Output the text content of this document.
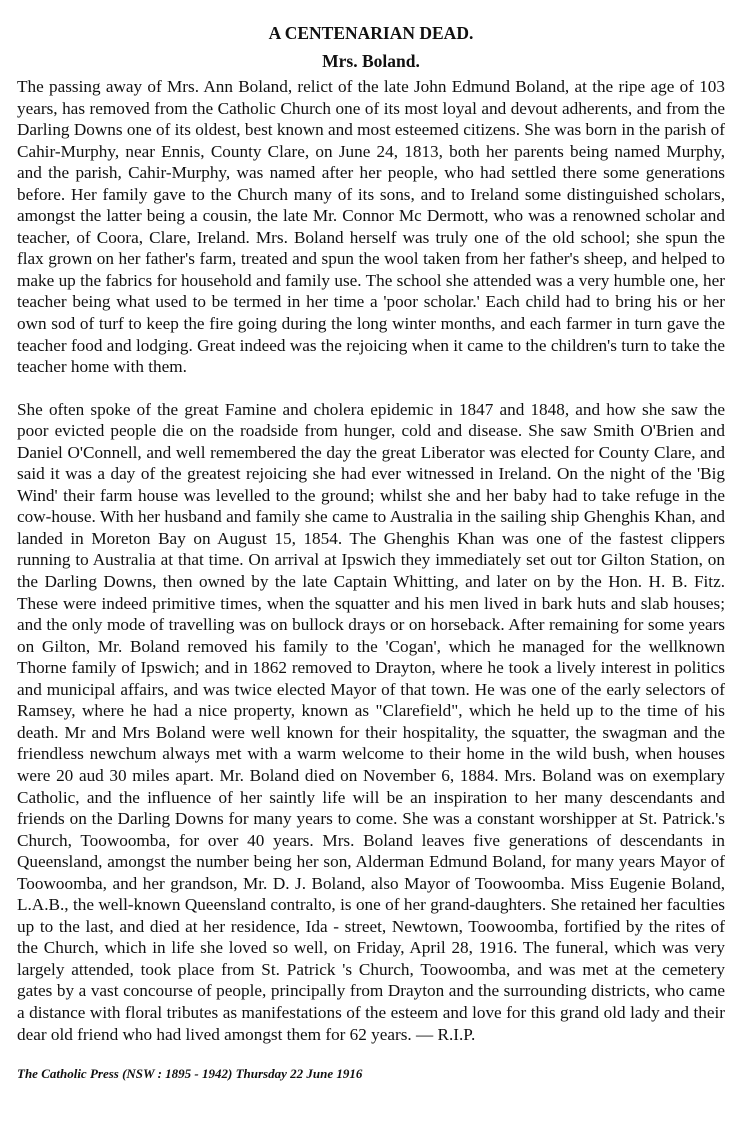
A CENTENARIAN DEAD.
Mrs. Boland.

The passing away of Mrs. Ann Boland, relict of the late John Edmund Boland, at the ripe age of 103 years, has removed from the Catholic Church one of its most loyal and devout adherents, and from the Darling Downs one of its oldest, best known and most esteemed citizens. She was born in the parish of Cahir-Murphy, near Ennis, County Clare, on June 24, 1813, both her parents being named Murphy, and the parish, Cahir-Murphy, was named after her people, who had settled there some generations before. Her family gave to the Church many of its sons, and to Ireland some distinguished scholars, amongst the latter being a cousin, the late Mr. Connor Mc Dermott, who was a renowned scholar and teacher, of Coora, Clare, Ireland. Mrs. Boland herself was truly one of the old school; she spun the flax grown on her father's farm, treated and spun the wool taken from her father's sheep, and helped to make up the fabrics for household and family use. The school she attended was a very humble one, her teacher being what used to be termed in her time a 'poor scholar.' Each child had to bring his or her own sod of turf to keep the fire going during the long winter months, and each farmer in turn gave the teacher food and lodging. Great indeed was the rejoicing when it came to the children's turn to take the teacher home with them.

She often spoke of the great Famine and cholera epidemic in 1847 and 1848, and how she saw the poor evicted people die on the roadside from hunger, cold and disease. She saw Smith O'Brien and Daniel O'Connell, and well remembered the day the great Liberator was elected for County Clare, and said it was a day of the greatest rejoicing she had ever witnessed in Ireland. On the night of the 'Big Wind' their farm house was levelled to the ground; whilst she and her baby had to take refuge in the cow-house. With her husband and family she came to Australia in the sailing ship Ghenghis Khan, and landed in Moreton Bay on August 15, 1854. The Ghenghis Khan was one of the fastest clippers running to Australia at that time. On arrival at Ipswich they immediately set out tor Gilton Station, on the Darling Downs, then owned by the late Captain Whitting, and later on by the Hon. H. B. Fitz. These were indeed primitive times, when the squatter and his men lived in bark huts and slab houses; and the only mode of travelling was on bullock drays or on horseback. After remaining for some years on Gilton, Mr. Boland removed his family to the 'Cogan', which he managed for the wellknown Thorne family of Ipswich; and in 1862 removed to Drayton, where he took a lively interest in politics and municipal affairs, and was twice elected Mayor of that town. He was one of the early selectors of Ramsey, where he had a nice property, known as "Clarefield", which he held up to the time of his death. Mr and Mrs Boland were well known for their hospitality, the squatter, the swagman and the friendless newchum always met with a warm welcome to their home in the wild bush, when houses were 20 aud 30 miles apart. Mr. Boland died on November 6, 1884. Mrs. Boland was on exemplary Catholic, and the influence of her saintly life will be an inspiration to her many descendants and friends on the Darling Downs for many years to come. She was a constant worshipper at St. Patrick.'s Church, Toowoomba, for over 40 years. Mrs. Boland leaves five generations of descendants in Queensland, amongst the number being her son, Alderman Edmund Boland, for many years Mayor of Toowoomba, and her grandson, Mr. D. J. Boland, also Mayor of Toowoomba. Miss Eugenie Boland, L.A.B., the well-known Queensland contralto, is one of her grand-daughters. She retained her faculties up to the last, and died at her residence, Ida - street, Newtown, Toowoomba, fortified by the rites of the Church, which in life she loved so well, on Friday, April 28, 1916. The funeral, which was very largely attended, took place from St. Patrick 's Church, Toowoomba, and was met at the cemetery gates by a vast concourse of people, principally from Drayton and the surrounding districts, who came a distance with floral tributes as manifestations of the esteem and love for this grand old lady and their dear old friend who had lived amongst them for 62 years. — R.I.P.

The Catholic Press (NSW : 1895 - 1942) Thursday 22 June 1916
